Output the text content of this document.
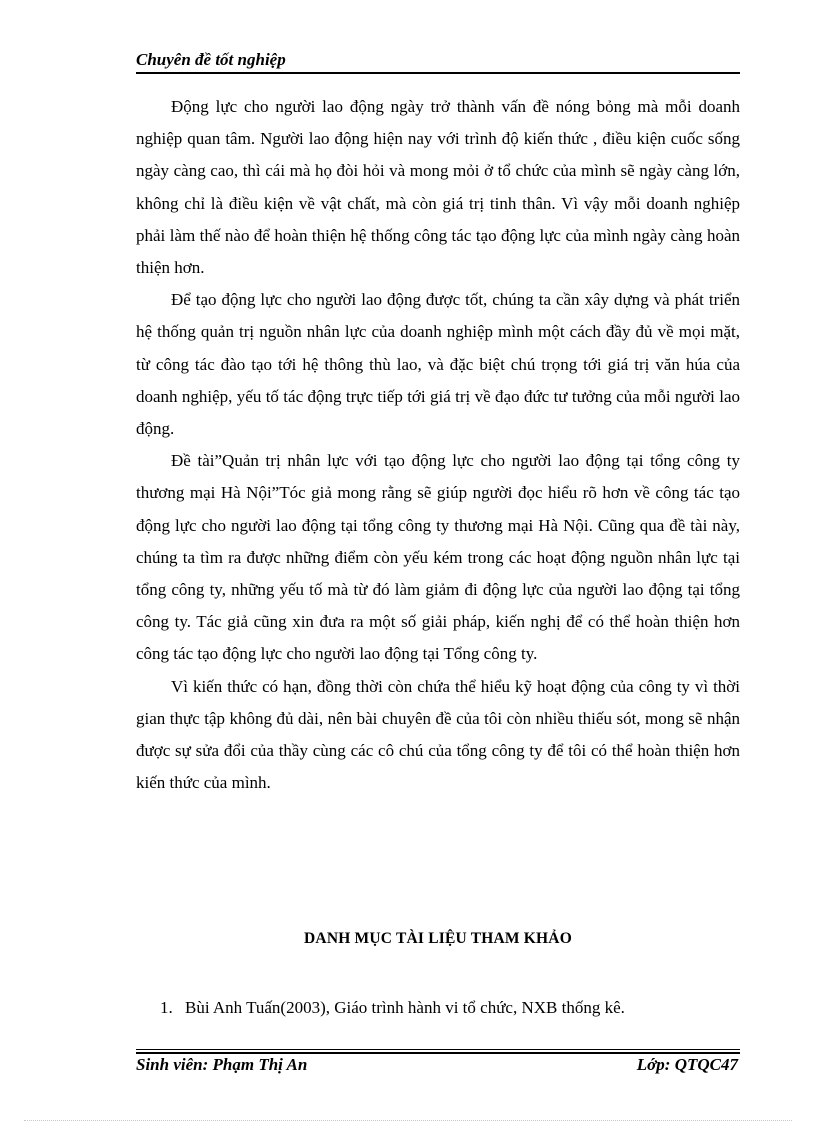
Chuyên đề tốt nghiệp

Động lực cho người lao động ngày trở thành vấn đề nóng bỏng mà mỗi doanh nghiệp quan tâm. Người lao động hiện nay với trình độ kiến thức , điều kiện cuốc sống ngày càng cao, thì cái mà họ đòi hỏi và mong mỏi ở tổ chức của mình sẽ ngày càng lớn, không chỉ là điều kiện về vật chất, mà còn giá trị tinh thân. Vì vậy mỗi doanh nghiệp phải làm thế nào để hoàn thiện hệ thống công tác tạo động lực của mình ngày càng hoàn thiện hơn.

Để tạo động lực cho người lao động được tốt, chúng ta cần xây dựng và phát triển hệ thống quản trị nguồn nhân lực của doanh nghiệp mình một cách đầy đủ về mọi mặt, từ công tác đào tạo tới hệ thông thù lao, và đặc biệt chú trọng tới giá trị văn húa của doanh nghiệp, yếu tố tác động trực tiếp tới giá trị về đạo đức tư tưởng của mỗi người lao động.

Đề tài”Quản trị nhân lực với tạo động lực cho người lao động tại tổng công ty thương mại Hà Nội”Tóc giả mong rằng sẽ giúp người đọc hiểu rõ hơn về công tác tạo động lực cho người lao động tại tổng công ty thương mại Hà Nội. Cũng qua đề tài này, chúng ta tìm ra được những điểm còn yếu kém trong các hoạt động nguồn nhân lực tại tổng công ty, những yếu tố mà từ đó làm giảm đi động lực của người lao động tại tổng công ty. Tác giả cũng xin đưa ra một số giải pháp, kiến nghị để có thể hoàn thiện hơn công tác tạo động lực cho người lao động tại Tổng công ty.

Vì kiến thức có hạn, đồng thời còn chứa thể hiểu kỹ hoạt động của công ty vì thời gian thực tập không đủ dài, nên bài chuyên đề của tôi còn nhiều thiếu sót, mong sẽ nhận được sự sửa đổi của thầy cùng các cô chú của tổng công ty để tôi có thể hoàn thiện hơn kiến thức của mình.

DANH MỤC TÀI LIỆU THAM KHẢO
1. Bùi Anh Tuấn(2003), Giáo trình hành vi tổ chức, NXB thống kê.
Sinh viên: Phạm Thị An	Lớp: QTQC47
